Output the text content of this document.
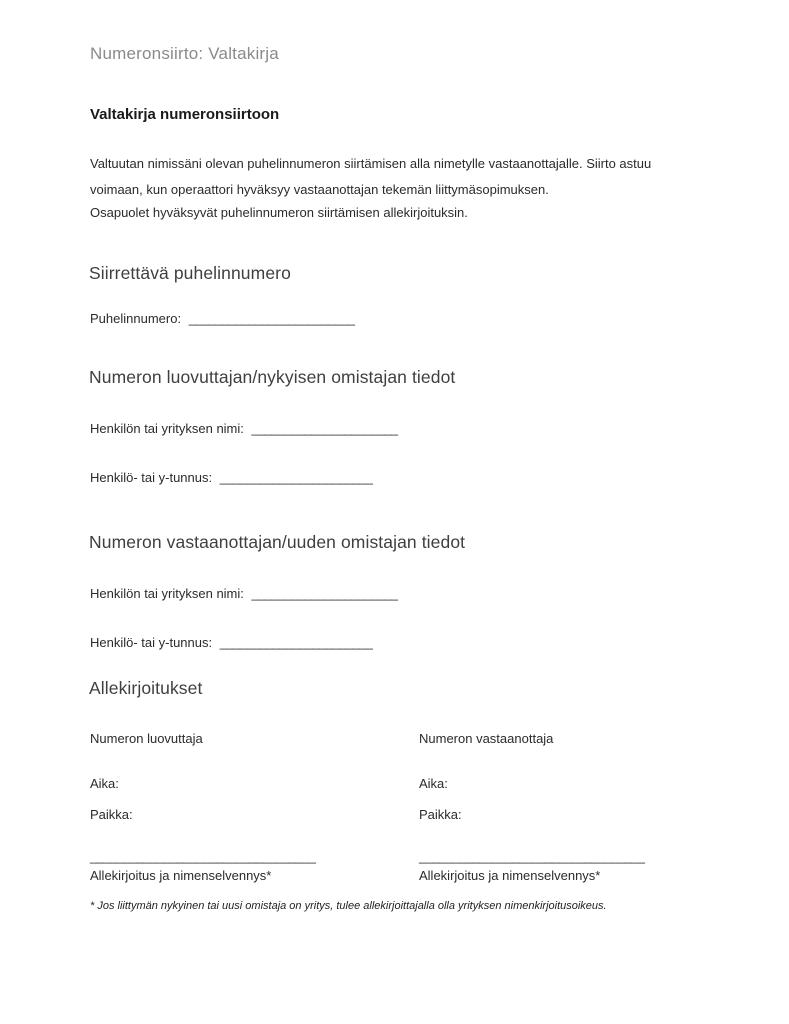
Numeronsiirto: Valtakirja
Valtakirja numeronsiirtoon

Valtuutan nimissäni olevan puhelinnumeron siirtämisen alla nimetylle vastaanottajalle. Siirto astuu voimaan, kun operaattori hyväksyy vastaanottajan tekemän liittymäsopimuksen.

Osapuolet hyväksyvät puhelinnumeron siirtämisen allekirjoituksin.

Siirrettävä puhelinnumero
Puhelinnumero: _________________________
Numeron luovuttajan/nykyisen omistajan tiedot
Henkilön tai yrityksen nimi: ______________________
Henkilö- tai y-tunnus: _______________________
Numeron vastaanottajan/uuden omistajan tiedot
Henkilön tai yrityksen nimi: ______________________
Henkilö- tai y-tunnus: _______________________
Allekirjoitukset
Numeron luovuttaja
Aika:
Paikka:
__________________________________
Allekirjoitus ja nimenselvennys*
Numeron vastaanottaja
Aika:
Paikka:
__________________________________
Allekirjoitus ja nimenselvennys*

* Jos liittymän nykyinen tai uusi omistaja on yritys, tulee allekirjoittajalla olla yrityksen nimenkirjoitusoikeus.
